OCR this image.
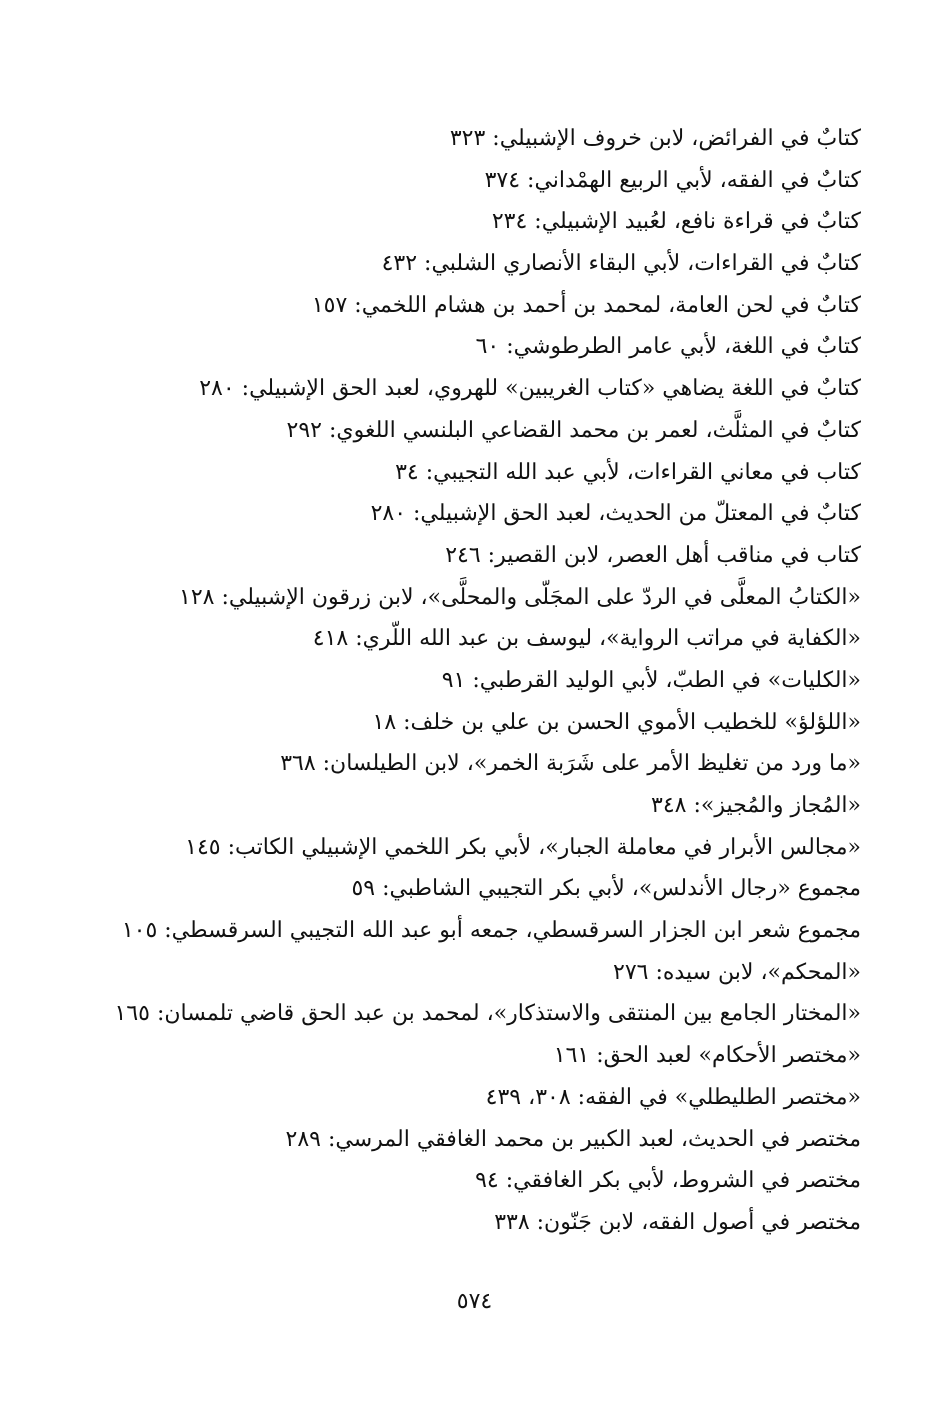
كتابٌ في الفرائض، لابن خروف الإشبيلي: ٣٢٣
كتابٌ في الفقه، لأبي الربيع الهمْداني: ٣٧٤
كتابٌ في قراءة نافع، لعُبيد الإشبيلي: ٢٣٤
كتابٌ في القراءات، لأبي البقاء الأنصاري الشلبي: ٤٣٢
كتابٌ في لحن العامة، لمحمد بن أحمد بن هشام اللخمي: ١٥٧
كتابٌ في اللغة، لأبي عامر الطرطوشي: ٦٠
كتابٌ في اللغة يضاهي «كتاب الغريبين» للهروي، لعبد الحق الإشبيلي: ٢٨٠
كتابٌ في المثلَّث، لعمر بن محمد القضاعي البلنسي اللغوي: ٢٩٢
كتاب في معاني القراءات، لأبي عبد الله التجيبي: ٣٤
كتابٌ في المعتلّ من الحديث، لعبد الحق الإشبيلي: ٢٨٠
كتاب في مناقب أهل العصر، لابن القصير: ٢٤٦
«الكتابُ المعلَّى في الردّ على المجَلّى والمحلَّى»، لابن زرقون الإشبيلي: ١٢٨
«الكفاية في مراتب الرواية»، ليوسف بن عبد الله اللّري: ٤١٨
«الكليات» في الطبّ، لأبي الوليد القرطبي: ٩١
«اللؤلؤ» للخطيب الأموي الحسن بن علي بن خلف: ١٨
«ما ورد من تغليظ الأمر على شَرَبة الخمر»، لابن الطيلسان: ٣٦٨
«المُجاز والمُجيز»: ٣٤٨
«مجالس الأبرار في معاملة الجبار»، لأبي بكر اللخمي الإشبيلي الكاتب: ١٤٥
مجموع «رجال الأندلس»، لأبي بكر التجيبي الشاطبي: ٥٩
مجموع شعر ابن الجزار السرقسطي، جمعه أبو عبد الله التجيبي السرقسطي: ١٠٥
«المحكم»، لابن سيده: ٢٧٦
«المختار الجامع بين المنتقى والاستذكار»، لمحمد بن عبد الحق قاضي تلمسان: ١٦٥
«مختصر الأحكام» لعبد الحق: ١٦١
«مختصر الطليطلي» في الفقه: ٣٠٨، ٤٣٩
مختصر في الحديث، لعبد الكبير بن محمد الغافقي المرسي: ٢٨٩
مختصر في الشروط، لأبي بكر الغافقي: ٩٤
مختصر في أصول الفقه، لابن جَنّون: ٣٣٨
٥٧٤
